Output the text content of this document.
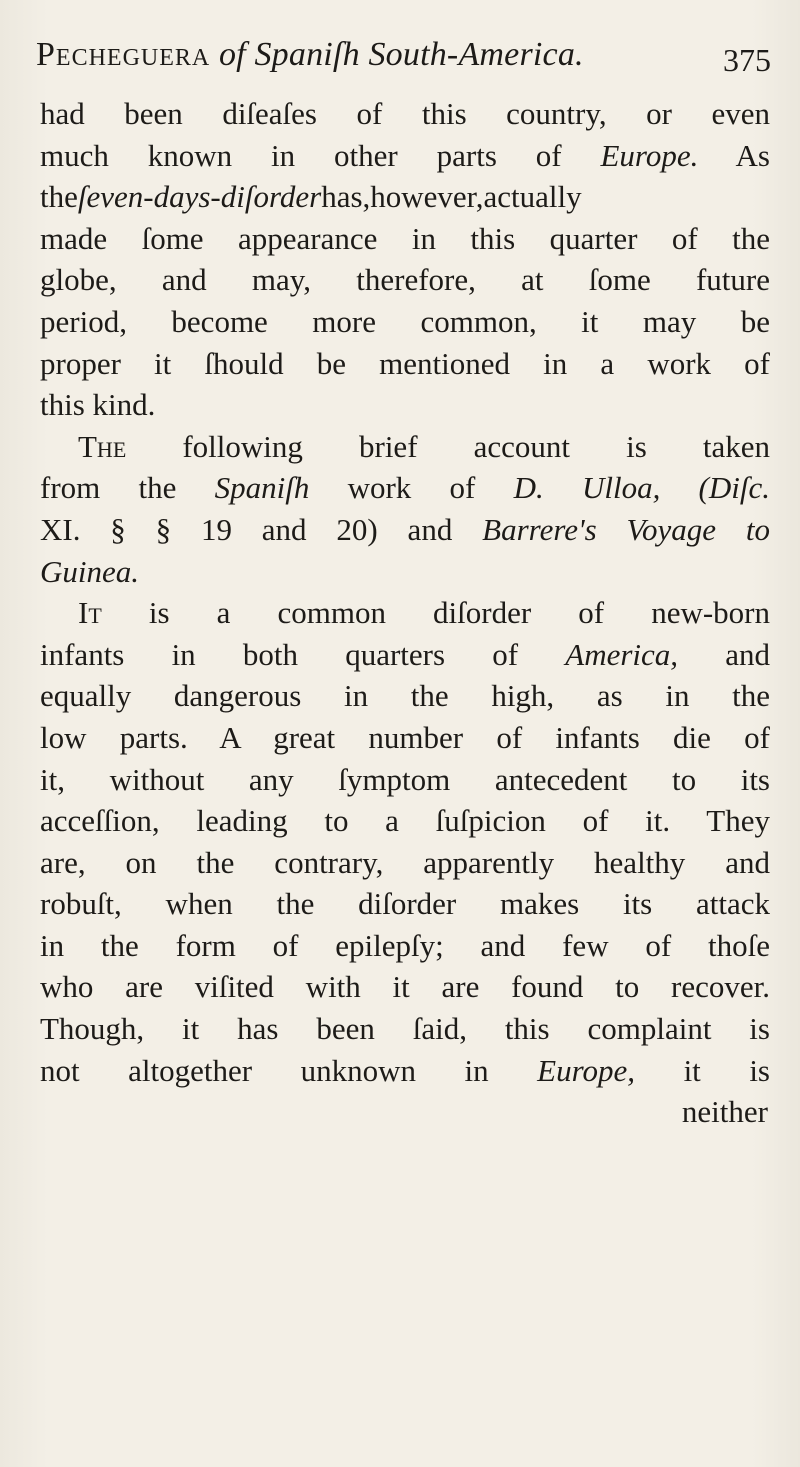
Pecheguera of Spaniſh South-America.	375
had been diſeaſes of this country, or even
much known in other parts of Europe. As
theſeven-days-diſorderhas,however,actually
made ſome appearance in this quarter of the
globe, and may, therefore, at ſome future
period, become more common, it may be
proper it ſhould be mentioned in a work of
this kind.
The following brief account is taken
from the Spaniſh work of D. Ulloa, (Diſc.
XI. § § 19 and 20) and Barrere's Voyage to
Guinea.
It is a common diſorder of new-born
infants in both quarters of America, and
equally dangerous in the high, as in the
low parts. A great number of infants die of
it, without any ſymptom antecedent to its
acceſſion, leading to a ſuſpicion of it. They
are, on the contrary, apparently healthy and
robuſt, when the diſorder makes its attack
in the form of epilepſy; and few of thoſe
who are viſited with it are found to recover.
Though, it has been ſaid, this complaint is
not altogether unknown in Europe, it is
neither
